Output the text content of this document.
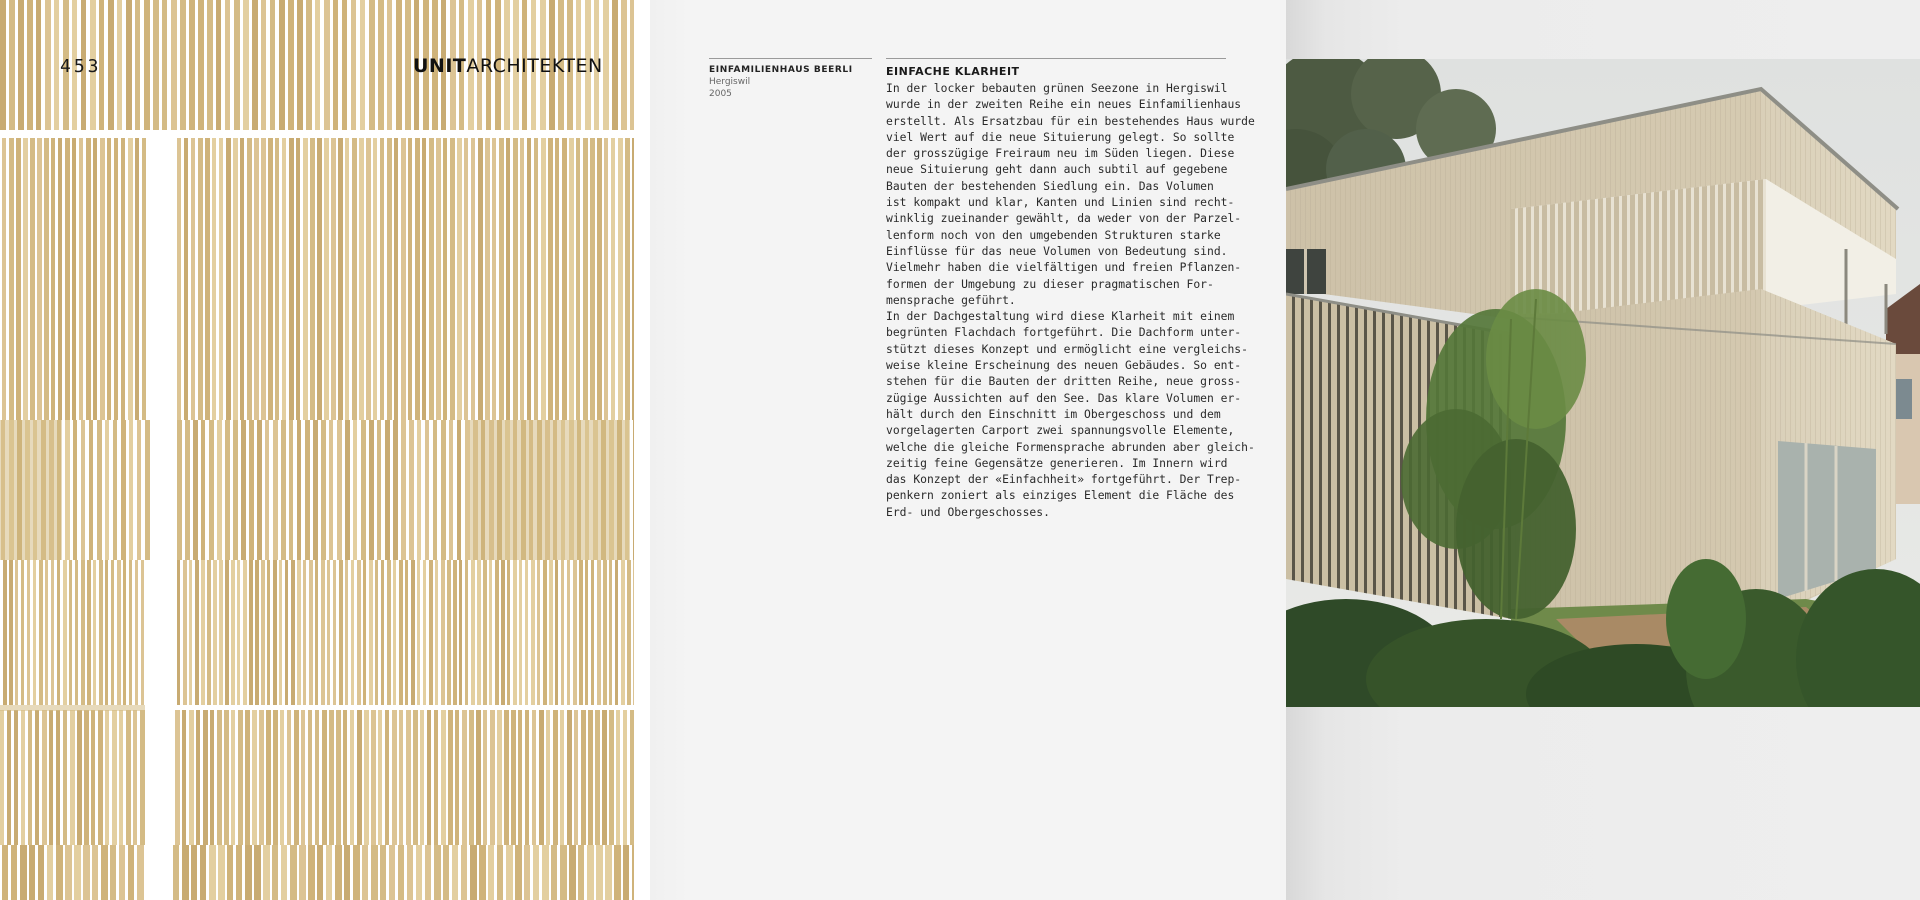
453	UNITARCHITEKTEN	EINFAMILIENHAUS BEERLI

Hergiswil

2005

EINFACHE KLARHEIT

In der locker bebauten grünen Seezone in Hergiswil
wurde in der zweiten Reihe ein neues Einfamilienhaus
erstellt. Als Ersatzbau für ein bestehendes Haus wurde
viel Wert auf die neue Situierung gelegt. So sollte
der grosszügige Freiraum neu im Süden liegen. Diese
neue Situierung geht dann auch subtil auf gegebene
Bauten der bestehenden Siedlung ein. Das Volumen
ist kompakt und klar, Kanten und Linien sind recht-
winklig zueinander gewählt, da weder von der Parzel-
lenform noch von den umgebenden Strukturen starke
Einflüsse für das neue Volumen von Bedeutung sind.
Vielmehr haben die vielfältigen und freien Pflanzen-
formen der Umgebung zu dieser pragmatischen For-
mensprache geführt.

In der Dachgestaltung wird diese Klarheit mit einem
begrünten Flachdach fortgeführt. Die Dachform unter-
stützt dieses Konzept und ermöglicht eine vergleichs-
weise kleine Erscheinung des neuen Gebäudes. So ent-
stehen für die Bauten der dritten Reihe, neue gross-
zügige Aussichten auf den See. Das klare Volumen er-
hält durch den Einschnitt im Obergeschoss und dem
vorgelagerten Carport zwei spannungsvolle Elemente,
welche die gleiche Formensprache abrunden aber gleich-
zeitig feine Gegensätze generieren. Im Innern wird
das Konzept der «Einfachheit» fortgeführt. Der Trep-
penkern zoniert als einziges Element die Fläche des
Erd- und Obergeschosses.
